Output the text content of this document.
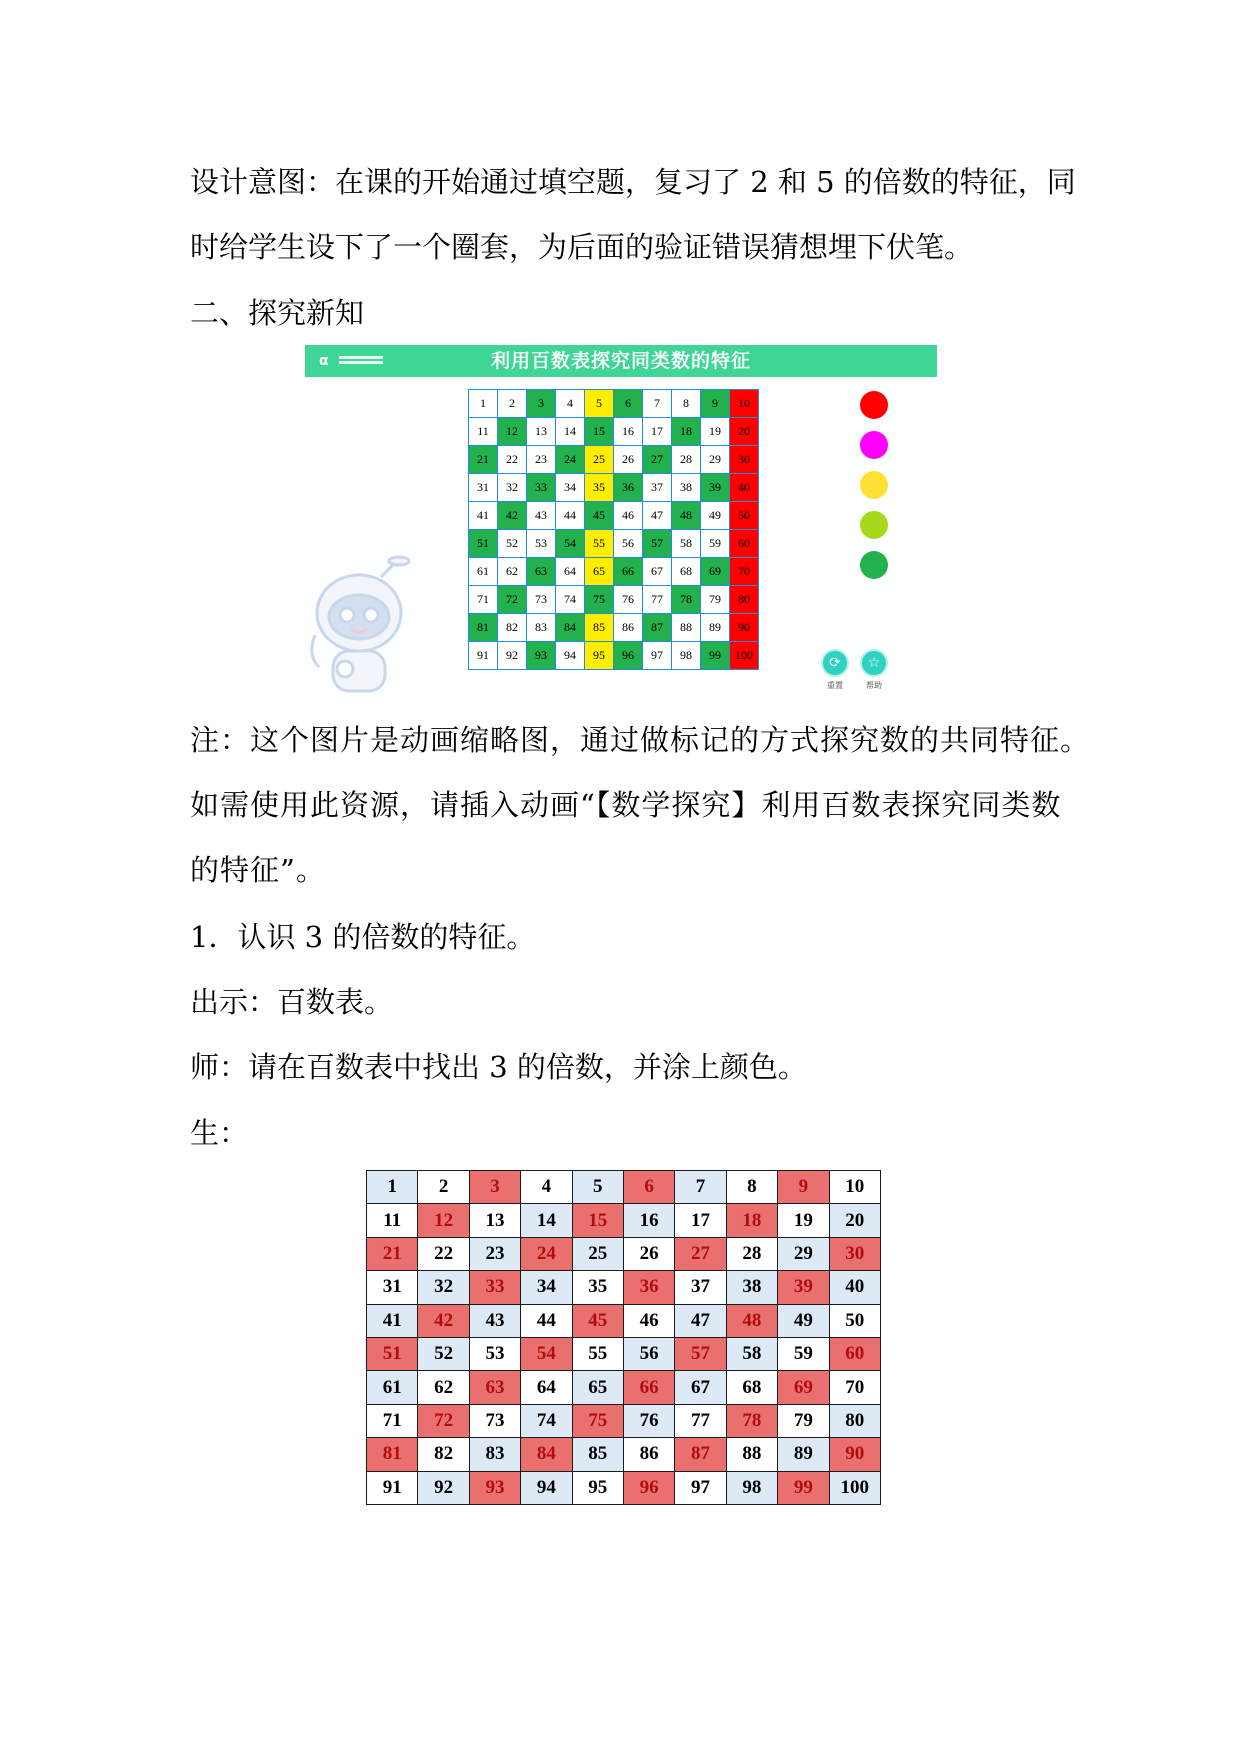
设计意图：在课的开始通过填空题，复习了 2 和 5 的倍数的特征，同
时给学生设下了一个圈套，为后面的验证错误猜想埋下伏笔。
二、探究新知
α	利用百数表探究同类数的特征
1	2	3	4	5	6	7	8	9	10
11	12	13	14	15	16	17	18	19	20
21	22	23	24	25	26	27	28	29	30
31	32	33	34	35	36	37	38	39	40
41	42	43	44	45	46	47	48	49	50
51	52	53	54	55	56	57	58	59	60
61	62	63	64	65	66	67	68	69	70
71	72	73	74	75	76	77	78	79	80
81	82	83	84	85	86	87	88	89	90
91	92	93	94	95	96	97	98	99	100	⟳
重置
☆
帮助
注：这个图片是动画缩略图，通过做标记的方式探究数的共同特征。
如需使用此资源，请插入动画“【数学探究】利用百数表探究同类数
的特征”。
1．认识 3 的倍数的特征。
出示：百数表。
师：请在百数表中找出 3 的倍数，并涂上颜色。
生：
1	2	3	4	5	6	7	8	9	10
11	12	13	14	15	16	17	18	19	20
21	22	23	24	25	26	27	28	29	30
31	32	33	34	35	36	37	38	39	40
41	42	43	44	45	46	47	48	49	50
51	52	53	54	55	56	57	58	59	60
61	62	63	64	65	66	67	68	69	70
71	72	73	74	75	76	77	78	79	80
81	82	83	84	85	86	87	88	89	90
91	92	93	94	95	96	97	98	99	100
